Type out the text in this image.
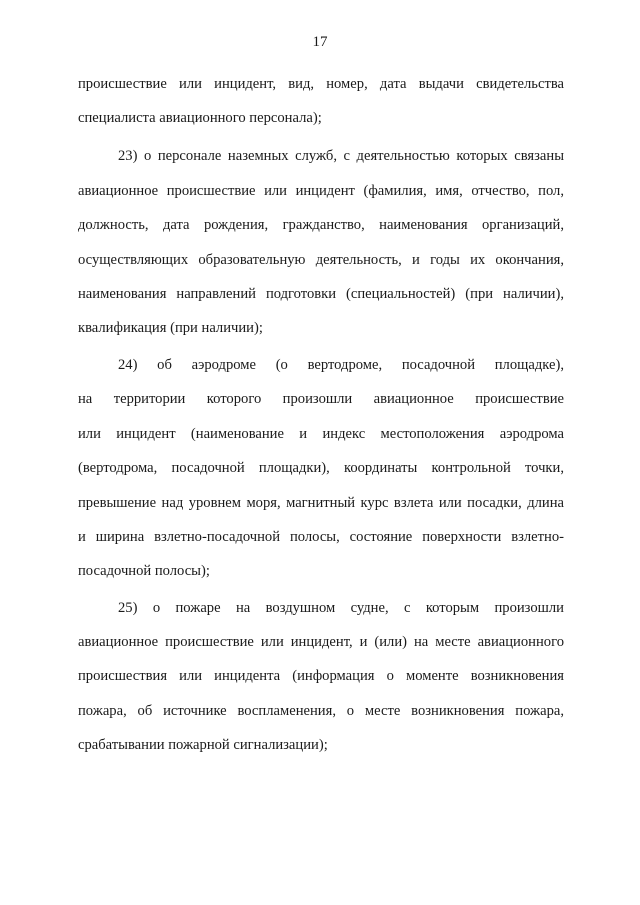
17
происшествие или инцидент, вид, номер, дата выдачи свидетельства
специалиста авиационного персонала);
23) о персонале наземных служб, с деятельностью которых связаны
авиационное происшествие или инцидент (фамилия, имя, отчество, пол,
должность, дата рождения, гражданство, наименования организаций,
осуществляющих образовательную деятельность, и годы их окончания,
наименования направлений подготовки (специальностей) (при наличии),
квалификация (при наличии);
24) об аэродроме (о вертодроме, посадочной площадке),
на территории которого произошли авиационное происшествие
или инцидент (наименование и индекс местоположения аэродрома
(вертодрома, посадочной площадки), координаты контрольной точки,
превышение над уровнем моря, магнитный курс взлета или посадки, длина
и ширина взлетно-посадочной полосы, состояние поверхности взлетно-
посадочной полосы);
25) о пожаре на воздушном судне, с которым произошли
авиационное происшествие или инцидент, и (или) на месте авиационного
происшествия или инцидента (информация о моменте возникновения
пожара, об источнике воспламенения, о месте возникновения пожара,
срабатывании пожарной сигнализации);
